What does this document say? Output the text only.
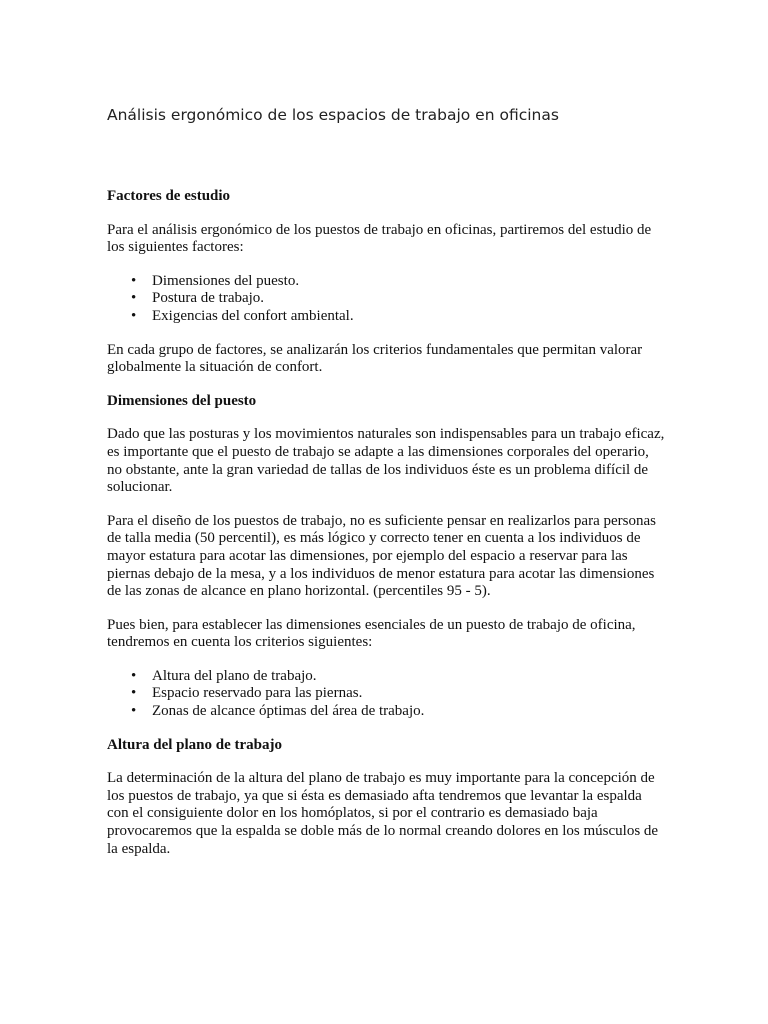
Análisis ergonómico de los espacios de trabajo en oficinas
Factores de estudio

Para el análisis ergonómico de los puestos de trabajo en oficinas, partiremos del estudio de los siguientes factores:

• Dimensiones del puesto.
• Postura de trabajo.
• Exigencias del confort ambiental.

En cada grupo de factores, se analizarán los criterios fundamentales que permitan valorar globalmente la situación de confort.

Dimensiones del puesto

Dado que las posturas y los movimientos naturales son indispensables para un trabajo eficaz, es importante que el puesto de trabajo se adapte a las dimensiones corporales del operario, no obstante, ante la gran variedad de tallas de los individuos éste es un problema difícil de solucionar.

Para el diseño de los puestos de trabajo, no es suficiente pensar en realizarlos para personas de talla media (50 percentil), es más lógico y correcto tener en cuenta a los individuos de mayor estatura para acotar las dimensiones, por ejemplo del espacio a reservar para las piernas debajo de la mesa, y a los individuos de menor estatura para acotar las dimensiones de las zonas de alcance en plano horizontal. (percentiles 95 - 5).

Pues bien, para establecer las dimensiones esenciales de un puesto de trabajo de oficina, tendremos en cuenta los criterios siguientes:

• Altura del plano de trabajo.
• Espacio reservado para las piernas.
• Zonas de alcance óptimas del área de trabajo.
Altura del plano de trabajo

La determinación de la altura del plano de trabajo es muy importante para la concepción de los puestos de trabajo, ya que si ésta es demasiado afta tendremos que levantar la espalda con el consiguiente dolor en los homóplatos, si por el contrario es demasiado baja provocaremos que la espalda se doble más de lo normal creando dolores en los músculos de la espalda.
